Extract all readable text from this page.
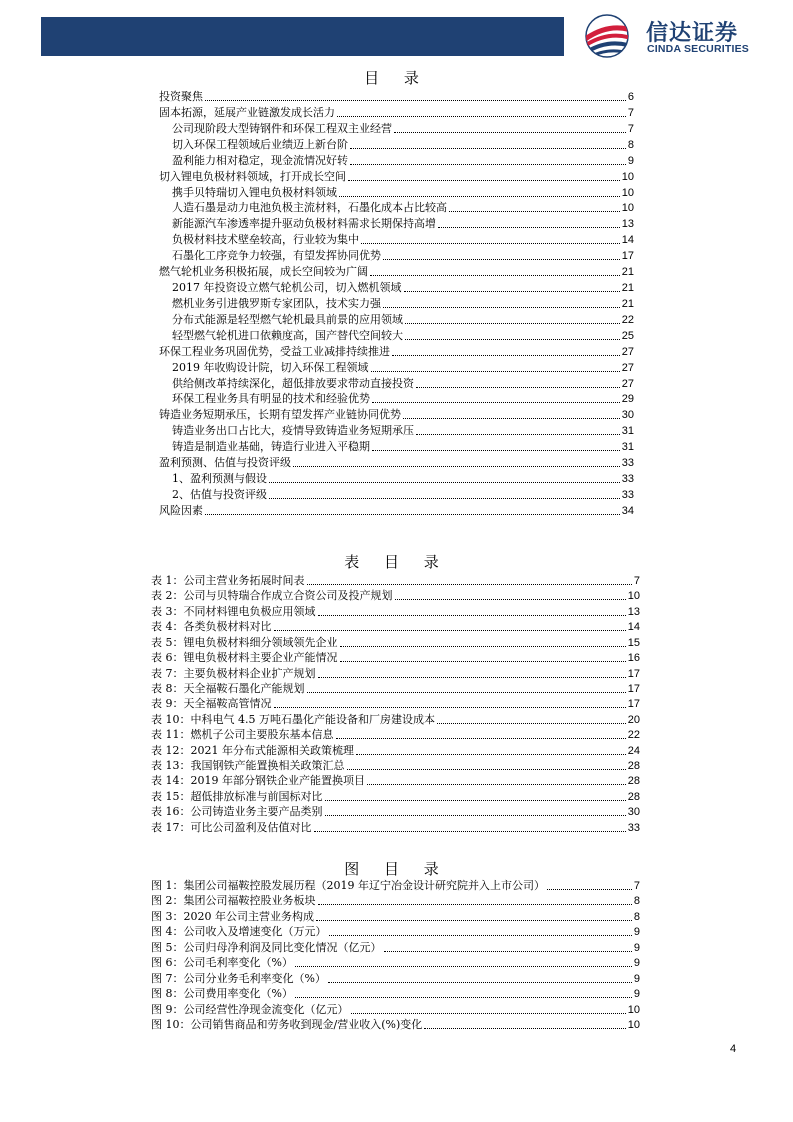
信达证券
CINDA SECURITIES
目 录
投资聚焦	6
固本拓源，延展产业链激发成长活力	7
公司现阶段大型铸钢件和环保工程双主业经营	7
切入环保工程领域后业绩迈上新台阶	8
盈利能力相对稳定，现金流情况好转	9
切入锂电负极材料领域，打开成长空间	10
携手贝特瑞切入锂电负极材料领域	10
人造石墨是动力电池负极主流材料，石墨化成本占比较高	10
新能源汽车渗透率提升驱动负极材料需求长期保持高增	13
负极材料技术壁垒较高，行业较为集中	14
石墨化工序竞争力较强，有望发挥协同优势	17
燃气轮机业务积极拓展，成长空间较为广阔	21
2017 年投资设立燃气轮机公司，切入燃机领域	21
燃机业务引进俄罗斯专家团队，技术实力强	21
分布式能源是轻型燃气轮机最具前景的应用领域	22
轻型燃气轮机进口依赖度高，国产替代空间较大	25
环保工程业务巩固优势，受益工业减排持续推进	27
2019 年收购设计院，切入环保工程领域	27
供给侧改革持续深化，超低排放要求带动直接投资	27
环保工程业务具有明显的技术和经验优势	29
铸造业务短期承压，长期有望发挥产业链协同优势	30
铸造业务出口占比大，疫情导致铸造业务短期承压	31
铸造是制造业基础，铸造行业进入平稳期	31
盈利预测、估值与投资评级	33
1、盈利预测与假设	33
2、估值与投资评级	33
风险因素	34
表 目 录
表 1：公司主营业务拓展时间表	7
表 2：公司与贝特瑞合作成立合资公司及投产规划	10
表 3：不同材料锂电负极应用领域	13
表 4：各类负极材料对比	14
表 5：锂电负极材料细分领域领先企业	15
表 6：锂电负极材料主要企业产能情况	16
表 7：主要负极材料企业扩产规划	17
表 8：天全福鞍石墨化产能规划	17
表 9：天全福鞍高管情况	17
表 10：中科电气 4.5 万吨石墨化产能设备和厂房建设成本	20
表 11：燃机子公司主要股东基本信息	22
表 12：2021 年分布式能源相关政策梳理	24
表 13：我国钢铁产能置换相关政策汇总	28
表 14：2019 年部分钢铁企业产能置换项目	28
表 15：超低排放标准与前国标对比	28
表 16：公司铸造业务主要产品类别	30
表 17：可比公司盈利及估值对比	33
图 目 录
图 1：集团公司福鞍控股发展历程（2019 年辽宁冶金设计研究院并入上市公司）	7
图 2：集团公司福鞍控股业务板块	8
图 3：2020 年公司主营业务构成	8
图 4：公司收入及增速变化（万元）	9
图 5：公司归母净利润及同比变化情况（亿元）	9
图 6：公司毛利率变化（%）	9
图 7：公司分业务毛利率变化（%）	9
图 8：公司费用率变化（%）	9
图 9：公司经营性净现金流变化（亿元）	10
图 10：公司销售商品和劳务收到现金/营业收入(%)变化	10
4
